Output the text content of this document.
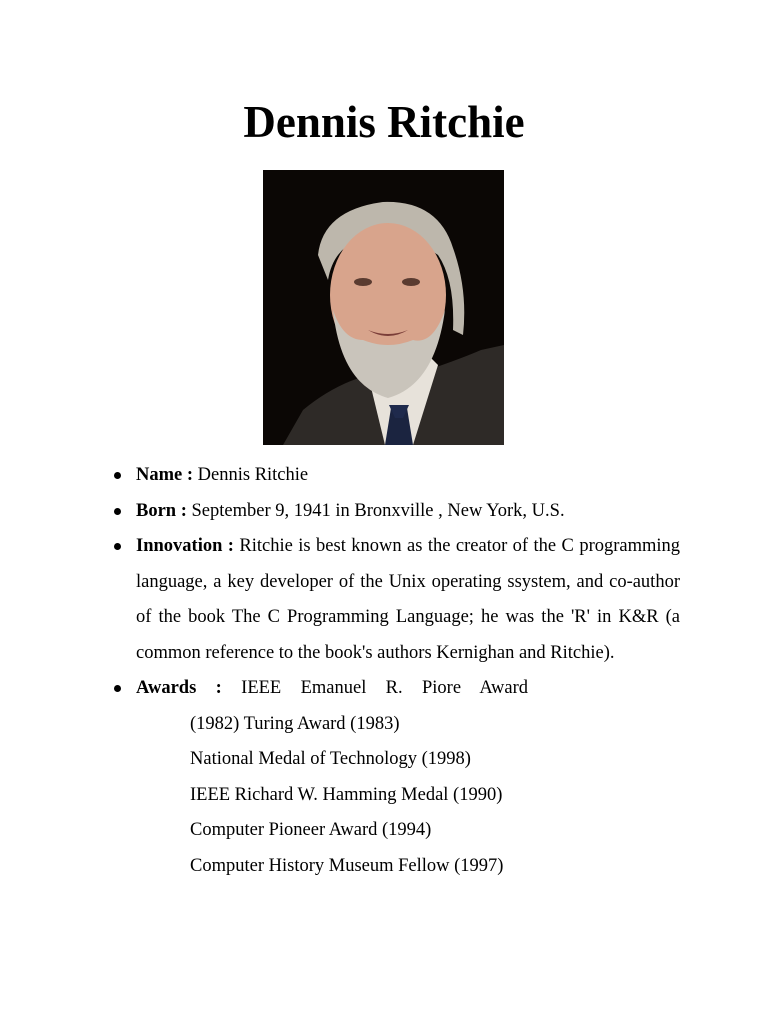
Dennis Ritchie
Name : Dennis Ritchie
Born : September 9, 1941 in Bronxville , New York, U.S.
Innovation : Ritchie is best known as the creator of the C programming language, a key developer of the Unix operating ssystem, and co-author of the book The C Programming Language; he was the 'R' in K&R (a common reference to the book's authors Kernighan and Ritchie).
Awards : IEEE Emanuel R. Piore Award
(1982) Turing Award (1983)
National Medal of Technology (1998)
IEEE Richard W. Hamming Medal (1990)
Computer Pioneer Award (1994)
Computer History Museum Fellow (1997)
